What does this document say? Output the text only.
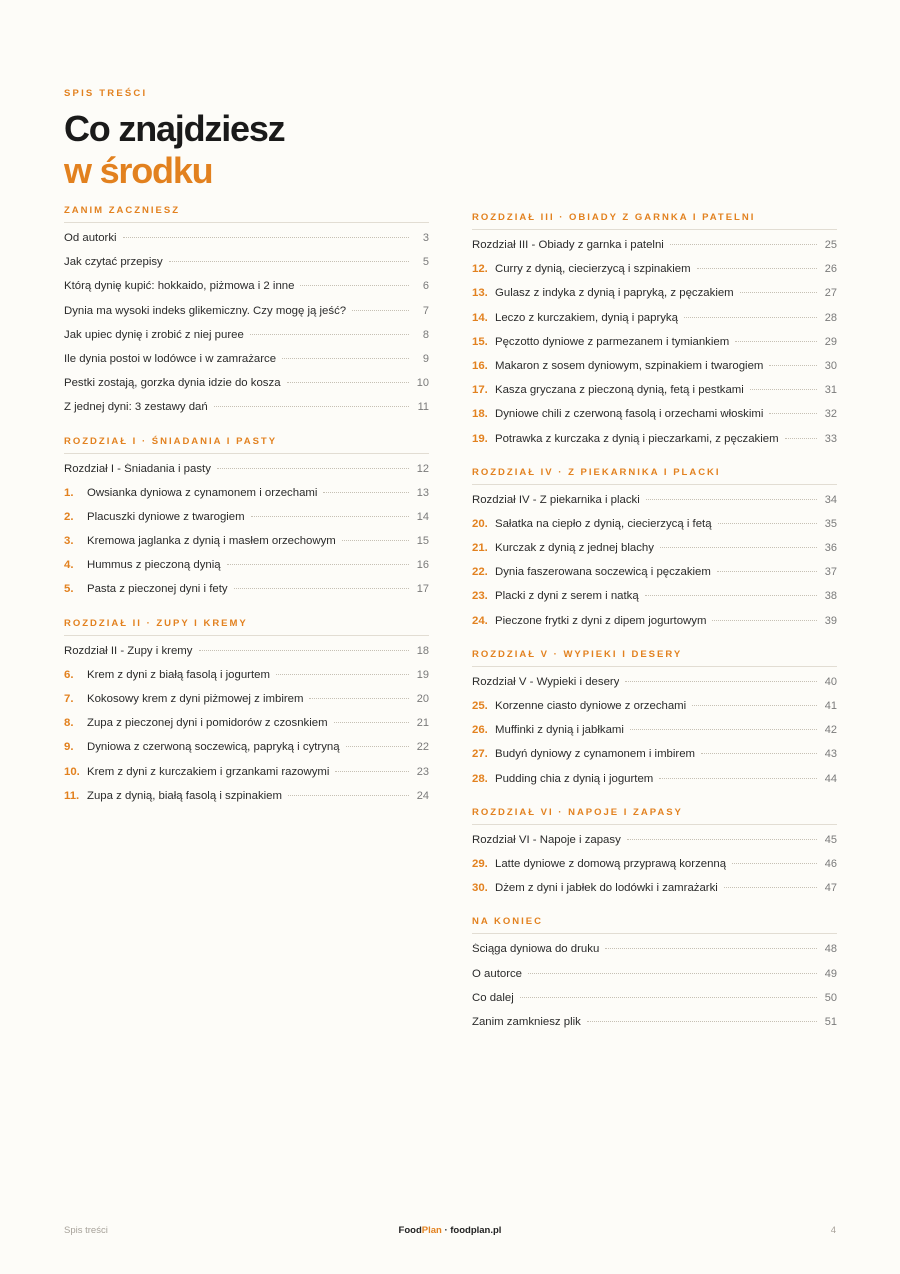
SPIS TREŚCI
Co znajdziesz
w środku
ZANIM ZACZNIESZ
Od autorki	3
Jak czytać przepisy	5
Którą dynię kupić: hokkaido, piżmowa i 2 inne	6
Dynia ma wysoki indeks glikemiczny. Czy mogę ją jeść?	7
Jak upiec dynię i zrobić z niej puree	8
Ile dynia postoi w lodówce i w zamrażarce	9
Pestki zostają, gorzka dynia idzie do kosza	10
Z jednej dyni: 3 zestawy dań	11
ROZDZIAŁ I · ŚNIADANIA I PASTY
Rozdział I - Śniadania i pasty	12
1.	Owsianka dyniowa z cynamonem i orzechami	13
2.	Placuszki dyniowe z twarogiem	14
3.	Kremowa jaglanka z dynią i masłem orzechowym	15
4.	Hummus z pieczoną dynią	16
5.	Pasta z pieczonej dyni i fety	17
ROZDZIAŁ II · ZUPY I KREMY
Rozdział II - Zupy i kremy	18
6.	Krem z dyni z białą fasolą i jogurtem	19
7.	Kokosowy krem z dyni piżmowej z imbirem	20
8.	Zupa z pieczonej dyni i pomidorów z czosnkiem	21
9.	Dyniowa z czerwoną soczewicą, papryką i cytryną	22
10. Krem z dyni z kurczakiem i grzankami razowymi	23
11. Zupa z dynią, białą fasolą i szpinakiem	24
ROZDZIAŁ III · OBIADY Z GARNKA I PATELNI
Rozdział III - Obiady z garnka i patelni	25
12. Curry z dynią, ciecierzycą i szpinakiem	26
13. Gulasz z indyka z dynią i papryką, z pęczakiem	27
14. Leczo z kurczakiem, dynią i papryką	28
15. Pęczotto dyniowe z parmezanem i tymiankiem	29
16. Makaron z sosem dyniowym, szpinakiem i twarogiem	30
17. Kasza gryczana z pieczoną dynią, fetą i pestkami	31
18. Dyniowe chili z czerwoną fasolą i orzechami włoskimi	32
19. Potrawka z kurczaka z dynią i pieczarkami, z pęczakiem	33
ROZDZIAŁ IV · Z PIEKARNIKA I PLACKI
Rozdział IV - Z piekarnika i placki	34
20. Sałatka na ciepło z dynią, ciecierzycą i fetą	35
21. Kurczak z dynią z jednej blachy	36
22. Dynia faszerowana soczewicą i pęczakiem	37
23. Placki z dyni z serem i natką	38
24. Pieczone frytki z dyni z dipem jogurtowym	39
ROZDZIAŁ V · WYPIEKI I DESERY
Rozdział V - Wypieki i desery	40
25. Korzenne ciasto dyniowe z orzechami	41
26. Muffinki z dynią i jabłkami	42
27. Budyń dyniowy z cynamonem i imbirem	43
28. Pudding chia z dynią i jogurtem	44
ROZDZIAŁ VI · NAPOJE I ZAPASY
Rozdział VI - Napoje i zapasy	45
29. Latte dyniowe z domową przyprawą korzenną	46
30. Dżem z dyni i jabłek do lodówki i zamrażarki	47
NA KONIEC
Ściąga dyniowa do druku	48
O autorce	49
Co dalej	50
Zanim zamkniesz plik	51
Spis treści	FoodPlan · foodplan.pl	4
